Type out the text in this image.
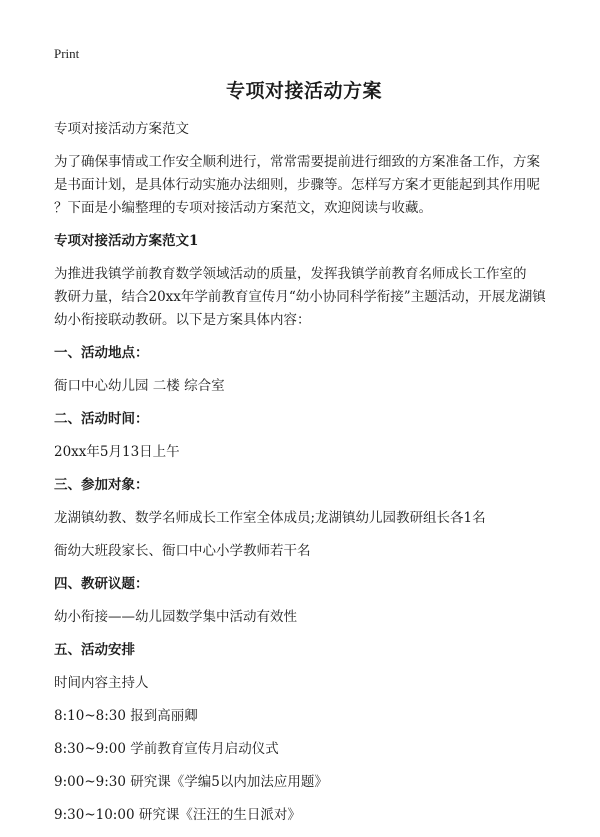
Print
专项对接活动方案
专项对接活动方案范文
为了确保事情或工作安全顺利进行，常常需要提前进行细致的方案准备工作，方案
是书面计划，是具体行动实施办法细则，步骤等。怎样写方案才更能起到其作用呢
？下面是小编整理的专项对接活动方案范文，欢迎阅读与收藏。
专项对接活动方案范文1
为推进我镇学前教育数学领域活动的质量，发挥我镇学前教育名师成长工作室的
教研力量，结合20xx年学前教育宣传月“幼小协同科学衔接”主题活动，开展龙湖镇
幼小衔接联动教研。以下是方案具体内容：
一、活动地点：
衙口中心幼儿园 二楼 综合室
二、活动时间：
20xx年5月13日上午
三、参加对象：
龙湖镇幼教、数学名师成长工作室全体成员;龙湖镇幼儿园教研组长各1名
衙幼大班段家长、衙口中心小学教师若干名
四、教研议题：
幼小衔接——幼儿园数学集中活动有效性
五、活动安排
时间内容主持人
8:10~8:30 报到高丽卿
8:30~9:00 学前教育宣传月启动仪式
9:00~9:30 研究课《学编5以内加法应用题》
9:30~10:00 研究课《汪汪的生日派对》
